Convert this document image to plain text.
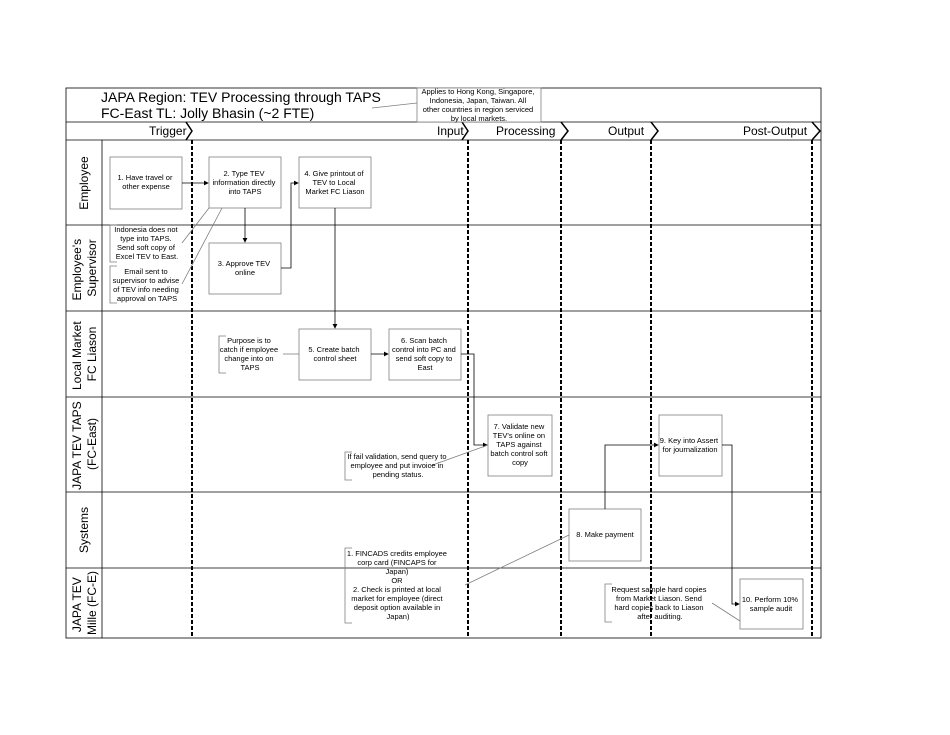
JAPA Region: TEV Processing through TAPS
FC-East TL: Jolly Bhasin (~2 FTE)
Applies to Hong Kong, Singapore, Indonesia, Japan, Taiwan. All other countries in region serviced by local markets.
Trigger	Input	Processing	Output	Post-Output
Employee
Employee's Supervisor
Local Market FC Liason
JAPA TEV TAPS (FC-East)
Systems
JAPA TEV Mille (FC-E)
1. Have travel or other expense
2. Type TEV information directly into TAPS
4. Give printout of TEV to Local Market FC Liason
3. Approve TEV online
5. Create batch control sheet
6. Scan batch control into PC and send soft copy to East
7. Validate new TEV's online on TAPS against batch control soft copy
8. Make payment
9. Key into Assert for journalization
10. Perform 10% sample audit
Indonesia does not type into TAPS. Send soft copy of Excel TEV to East.
Email sent to supervisor to advise of TEV info needing approval on TAPS
Purpose is to catch if employee change into on TAPS
If fail validation, send query to employee and put invoice in pending status.
1. FINCADS credits employee corp card (FINCAPS for Japan) OR 2. Check is printed at local market for employee (direct deposit option available in Japan)
Request sample hard copies from Market Liason. Send hard copies back to Liason after auditing.
